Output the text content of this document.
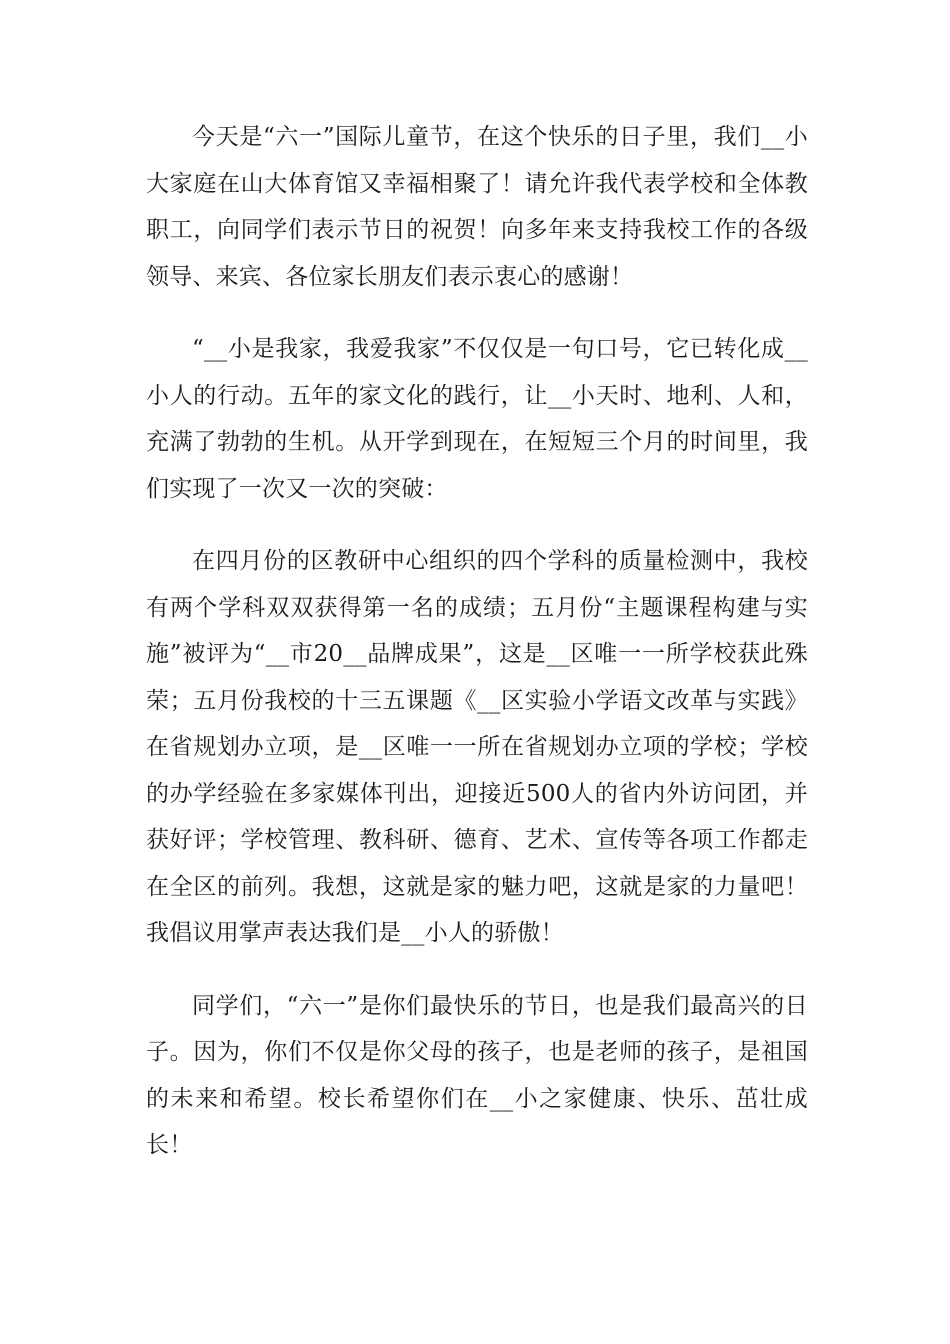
今天是“六一”国际儿童节，在这个快乐的日子里，我们__小大家庭在山大体育馆又幸福相聚了！请允许我代表学校和全体教职工，向同学们表示节日的祝贺！向多年来支持我校工作的各级领导、来宾、各位家长朋友们表示衷心的感谢！

“__小是我家，我爱我家”不仅仅是一句口号，它已转化成__小人的行动。五年的家文化的践行，让__小天时、地利、人和，充满了勃勃的生机。从开学到现在，在短短三个月的时间里，我们实现了一次又一次的突破：

在四月份的区教研中心组织的四个学科的质量检测中，我校有两个学科双双获得第一名的成绩；五月份“主题课程构建与实施”被评为“__市20__品牌成果”，这是__区唯一一所学校获此殊荣；五月份我校的十三五课题《__区实验小学语文改革与实践》在省规划办立项，是__区唯一一所在省规划办立项的学校；学校的办学经验在多家媒体刊出，迎接近500人的省内外访问团，并获好评；学校管理、教科研、德育、艺术、宣传等各项工作都走在全区的前列。我想，这就是家的魅力吧，这就是家的力量吧！我倡议用掌声表达我们是__小人的骄傲！

同学们，“六一”是你们最快乐的节日，也是我们最高兴的日子。因为，你们不仅是你父母的孩子，也是老师的孩子，是祖国的未来和希望。校长希望你们在__小之家健康、快乐、茁壮成长！
